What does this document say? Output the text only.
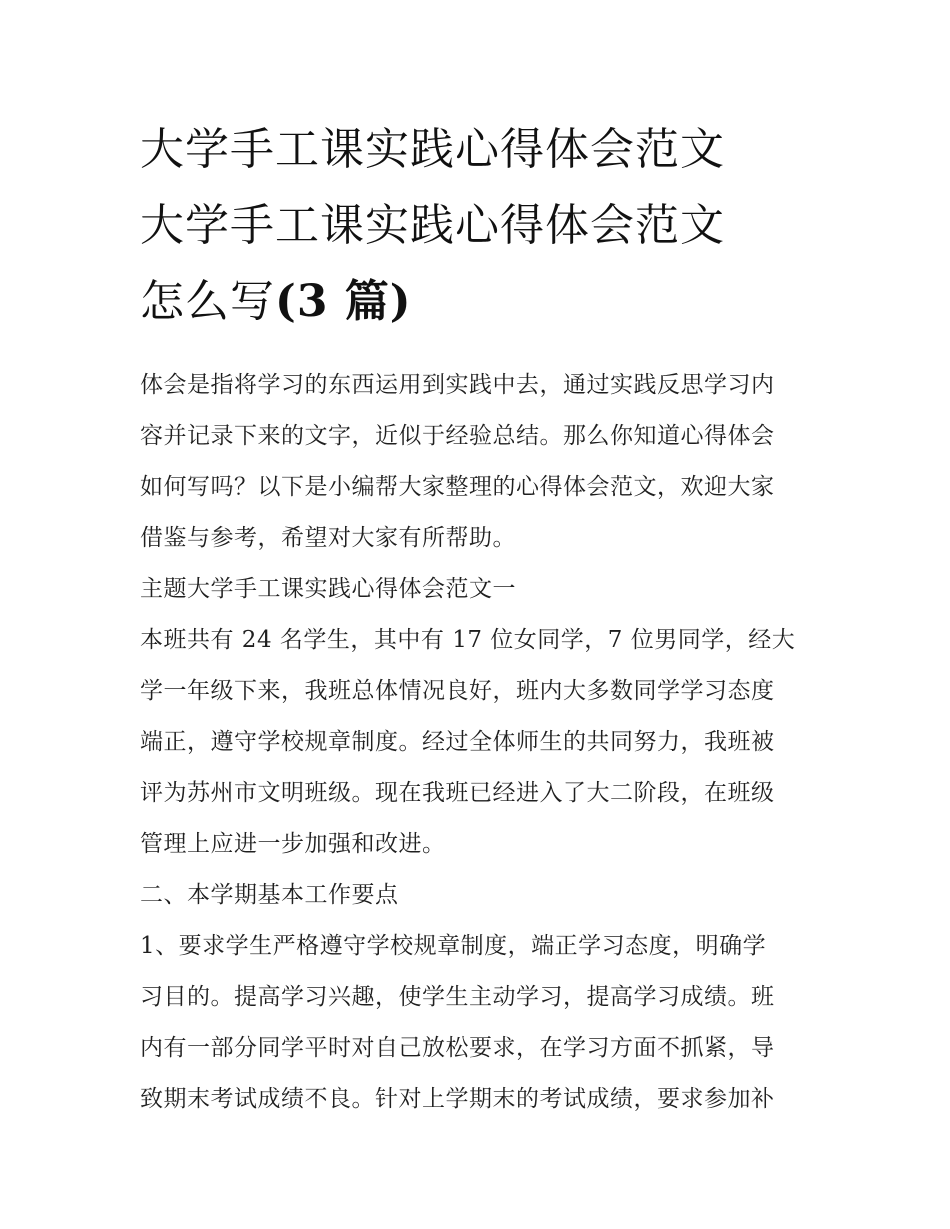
大学手工课实践心得体会范文
大学手工课实践心得体会范文
怎么写(3 篇)

体会是指将学习的东西运用到实践中去，通过实践反思学习内
容并记录下来的文字，近似于经验总结。那么你知道心得体会
如何写吗？以下是小编帮大家整理的心得体会范文，欢迎大家
借鉴与参考，希望对大家有所帮助。

主题大学手工课实践心得体会范文一

本班共有 24 名学生，其中有 17 位女同学，7 位男同学，经大
学一年级下来，我班总体情况良好，班内大多数同学学习态度
端正，遵守学校规章制度。经过全体师生的共同努力，我班被
评为苏州市文明班级。现在我班已经进入了大二阶段，在班级
管理上应进一步加强和改进。

二、本学期基本工作要点

1、要求学生严格遵守学校规章制度，端正学习态度，明确学
习目的。提高学习兴趣，使学生主动学习，提高学习成绩。班
内有一部分同学平时对自己放松要求，在学习方面不抓紧，导
致期末考试成绩不良。针对上学期末的考试成绩，要求参加补
